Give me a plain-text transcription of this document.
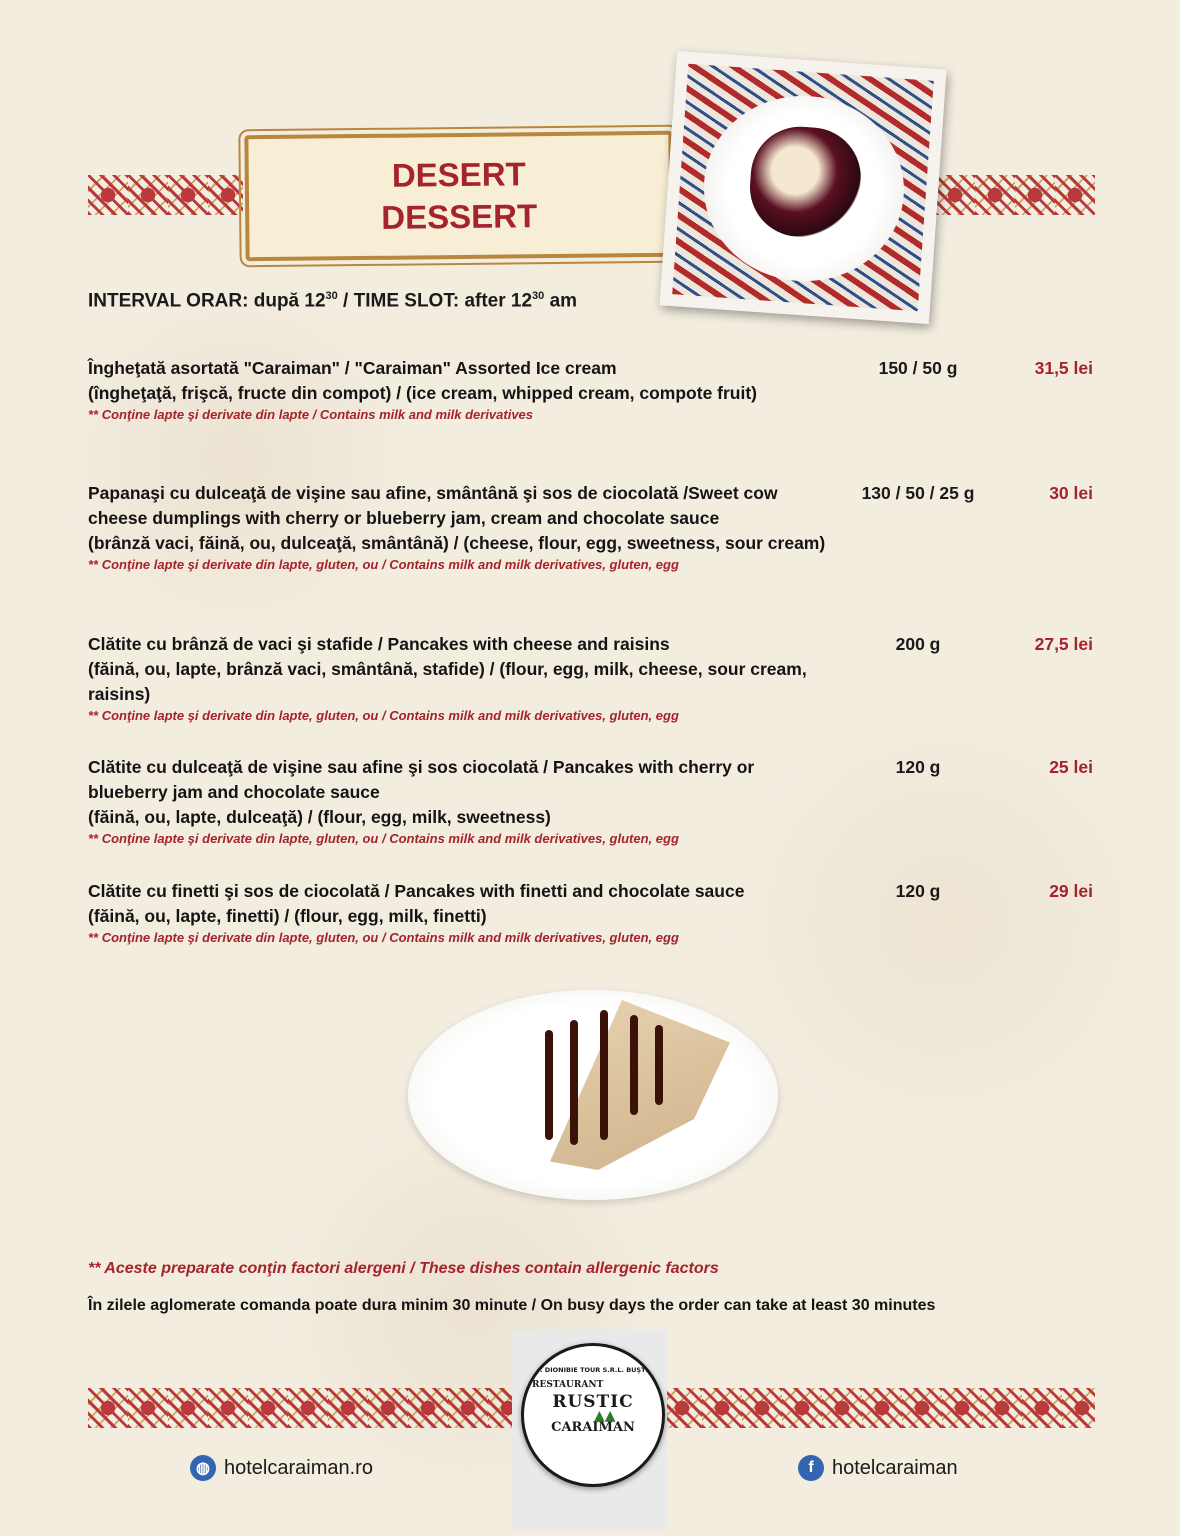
DESERT
DESSERT
INTERVAL ORAR: după $12^{30}$ / TIME SLOT: after $12^{30}$ am

Îngheţată asortată "Caraiman" / "Caraiman" Assorted Ice cream

(îngheţaţă, frişcă, fructe din compot) / (ice cream, whipped cream, compote fruit)

** Conţine lapte şi derivate din lapte / Contains milk and milk derivatives

150 / 50 g	31,5 lei

Papanaşi cu dulceaţă de vişine sau afine, smântână şi sos de ciocolată /Sweet cow cheese dumplings with cherry or blueberry jam, cream and chocolate sauce

(brânză vaci, făină, ou, dulceaţă, smântână) / (cheese, flour, egg, sweetness, sour cream)

** Conţine lapte şi derivate din lapte, gluten, ou / Contains milk and milk derivatives, gluten, egg

130 / 50 / 25 g	30 lei

Clătite cu brânză de vaci şi stafide / Pancakes with cheese and raisins

(făină, ou, lapte, brânză vaci, smântână, stafide) / (flour, egg, milk, cheese, sour cream, raisins)

** Conţine lapte şi derivate din lapte, gluten, ou / Contains milk and milk derivatives, gluten, egg

200 g	27,5 lei

Clătite cu dulceaţă de vişine sau afine şi sos ciocolată / Pancakes with cherry or blueberry jam and chocolate sauce

(făină, ou, lapte, dulceaţă) / (flour, egg, milk, sweetness)

** Conţine lapte şi derivate din lapte, gluten, ou / Contains milk and milk derivatives, gluten, egg

120 g	25 lei

Clătite cu finetti şi sos de ciocolată / Pancakes with finetti and chocolate sauce

(făină, ou, lapte, finetti) / (flour, egg, milk, finetti)

** Conţine lapte şi derivate din lapte, gluten, ou / Contains milk and milk derivatives, gluten, egg

120 g	29 lei
** Aceste preparate conţin factori alergeni / These dishes contain allergenic factors
În zilele aglomerate comanda poate dura minim 30 minute / On busy days the order can take at least 30 minutes
S.C. DIONIBIE TOUR S.R.L. BUŞTENI
RESTAURANT
RUSTIC
CARAIMAN
▲▲
◍ hotelcaraiman.ro	f hotelcaraiman
